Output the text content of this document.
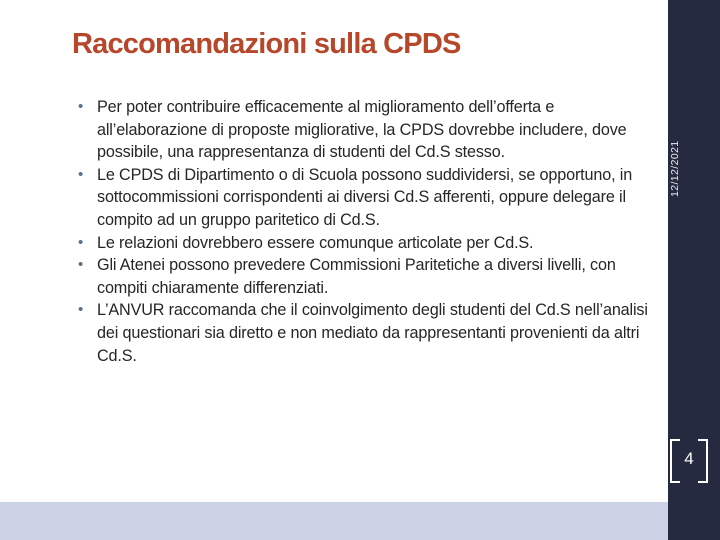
Raccomandazioni sulla CPDS
• Per poter contribuire efficacemente al miglioramento dell’offerta e all’elaborazione di proposte migliorative, la CPDS dovrebbe includere, dove possibile, una rappresentanza di studenti del Cd.S stesso.
• Le CPDS di Dipartimento o di Scuola possono suddividersi, se opportuno, in sottocommissioni corrispondenti ai diversi Cd.S afferenti, oppure delegare il compito ad un gruppo paritetico di Cd.S.
• Le relazioni dovrebbero essere comunque articolate per Cd.S.
• Gli Atenei possono prevedere Commissioni Paritetiche a diversi livelli, con compiti chiaramente differenziati.
• L’ANVUR raccomanda che il coinvolgimento degli studenti del Cd.S nell’analisi dei questionari sia diretto e non mediato da rappresentanti provenienti da altri Cd.S.
12/12/2021
4
